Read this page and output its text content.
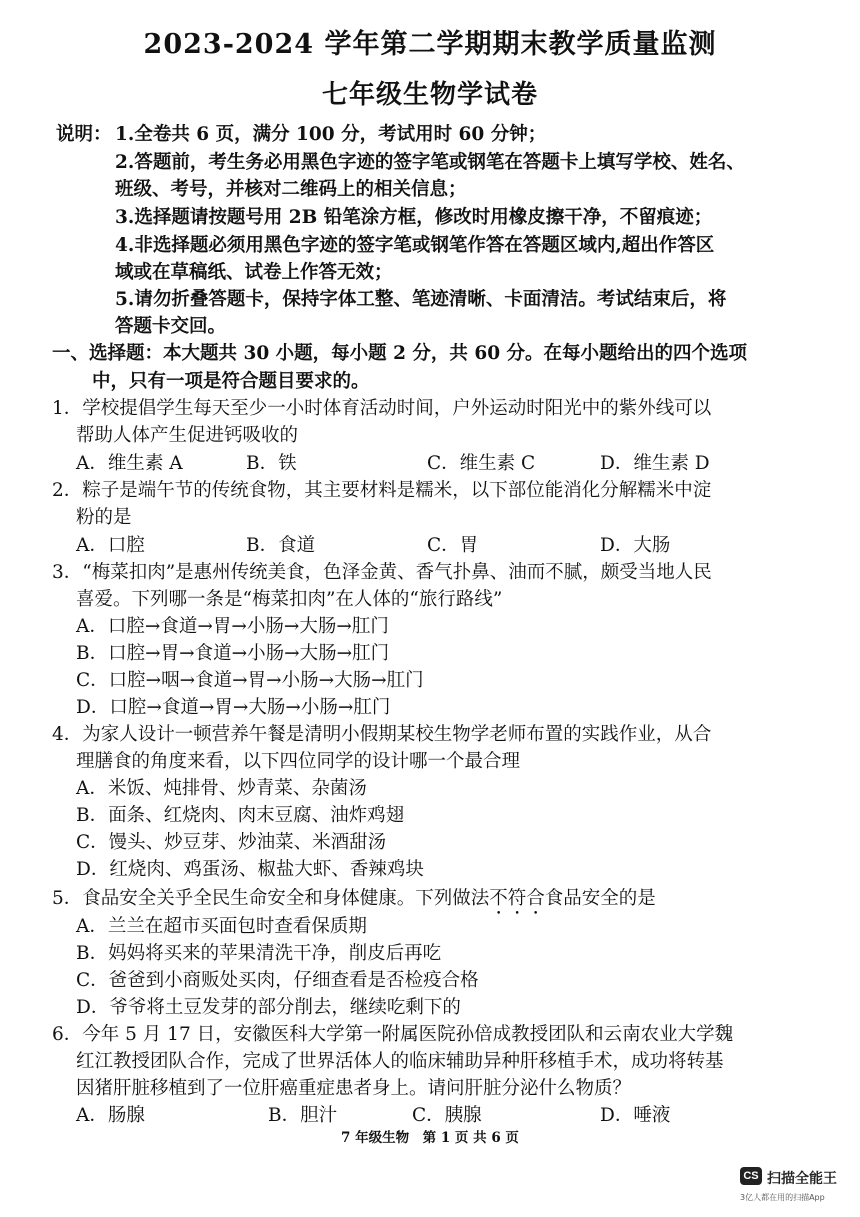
2023-2024 学年第二学期期末教学质量监测
七年级生物学试卷
说明： 1.全卷共 6 页，满分 100 分，考试用时 60 分钟；
2.答题前，考生务必用黑色字迹的签字笔或钢笔在答题卡上填写学校、姓名、
班级、考号，并核对二维码上的相关信息；
3.选择题请按题号用 2B 铅笔涂方框，修改时用橡皮擦干净，不留痕迹；
4.非选择题必须用黑色字迹的签字笔或钢笔作答在答题区域内,超出作答区
域或在草稿纸、试卷上作答无效；
5.请勿折叠答题卡，保持字体工整、笔迹清晰、卡面清洁。考试结束后，将
答题卡交回。
一、选择题：本大题共 30 小题，每小题 2 分，共 60 分。在每小题给出的四个选项
中，只有一项是符合题目要求的。
1．学校提倡学生每天至少一小时体育活动时间，户外运动时阳光中的紫外线可以
帮助人体产生促进钙吸收的
A．维生素 A	B．铁	C．维生素 C	D．维生素 D
2．粽子是端午节的传统食物，其主要材料是糯米，以下部位能消化分解糯米中淀
粉的是
A．口腔	B．食道	C．胃	D．大肠
3．“梅菜扣肉”是惠州传统美食，色泽金黄、香气扑鼻、油而不腻，颇受当地人民
喜爱。下列哪一条是“梅菜扣肉”在人体的“旅行路线”
A．口腔→食道→胃→小肠→大肠→肛门
B．口腔→胃→食道→小肠→大肠→肛门
C．口腔→咽→食道→胃→小肠→大肠→肛门
D．口腔→食道→胃→大肠→小肠→肛门
4．为家人设计一顿营养午餐是清明小假期某校生物学老师布置的实践作业，从合
理膳食的角度来看，以下四位同学的设计哪一个最合理
A．米饭、炖排骨、炒青菜、杂菌汤
B．面条、红烧肉、肉末豆腐、油炸鸡翅
C．馒头、炒豆芽、炒油菜、米酒甜汤
D．红烧肉、鸡蛋汤、椒盐大虾、香辣鸡块
5．食品安全关乎全民生命安全和身体健康。下列做法不符合食品安全的是
A．兰兰在超市买面包时查看保质期
B．妈妈将买来的苹果清洗干净，削皮后再吃
C．爸爸到小商贩处买肉，仔细查看是否检疫合格
D．爷爷将土豆发芽的部分削去，继续吃剩下的
6．今年 5 月 17 日，安徽医科大学第一附属医院孙倍成教授团队和云南农业大学魏
红江教授团队合作，完成了世界活体人的临床辅助异种肝移植手术，成功将转基
因猪肝脏移植到了一位肝癌重症患者身上。请问肝脏分泌什么物质？
A．肠腺	B．胆汁	C．胰腺	D．唾液
7 年级生物　第 1 页 共 6 页
CS 扫描全能王
3亿人都在用的扫描App
